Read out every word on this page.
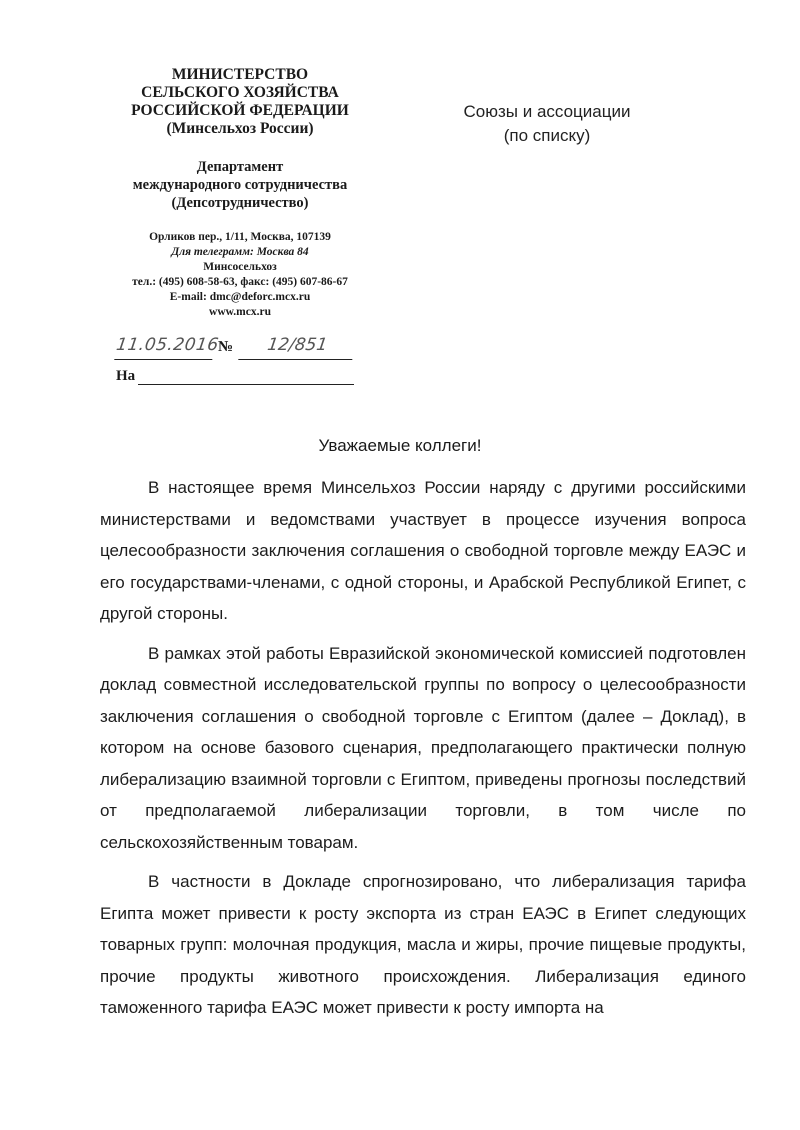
МИНИСТЕРСТВО
СЕЛЬСКОГО ХОЗЯЙСТВА
РОССИЙСКОЙ ФЕДЕРАЦИИ
(Минсельхоз России)
Департамент
международного сотрудничества
(Депсотрудничество)
Орликов пер., 1/11, Москва, 107139
Для телеграмм: Москва 84
Минсосельхоз
тел.: (495) 608-58-63, факс: (495) 607-86-67
E-mail: dmc@deforc.mcx.ru
www.mcx.ru
11.05.2016
№	12/851
На
Союзы и ассоциации
(по списку)
Уважаемые коллеги!

В настоящее время Минсельхоз России наряду с другими российскими министерствами и ведомствами участвует в процессе изучения вопроса целесообразности заключения соглашения о свободной торговле между ЕАЭС и его государствами-членами, с одной стороны, и Арабской Республикой Египет, с другой стороны.

В рамках этой работы Евразийской экономической комиссией подготовлен доклад совместной исследовательской группы по вопросу о целесообразности заключения соглашения о свободной торговле с Египтом (далее – Доклад), в котором на основе базового сценария, предполагающего практически полную либерализацию взаимной торговли с Египтом, приведены прогнозы последствий от предполагаемой либерализации торговли, в том числе по сельскохозяйственным товарам.

В частности в Докладе спрогнозировано, что либерализация тарифа Египта может привести к росту экспорта из стран ЕАЭС в Египет следующих товарных групп: молочная продукция, масла и жиры, прочие пищевые продукты, прочие продукты животного происхождения. Либерализация единого таможенного тарифа ЕАЭС может привести к росту импорта на
